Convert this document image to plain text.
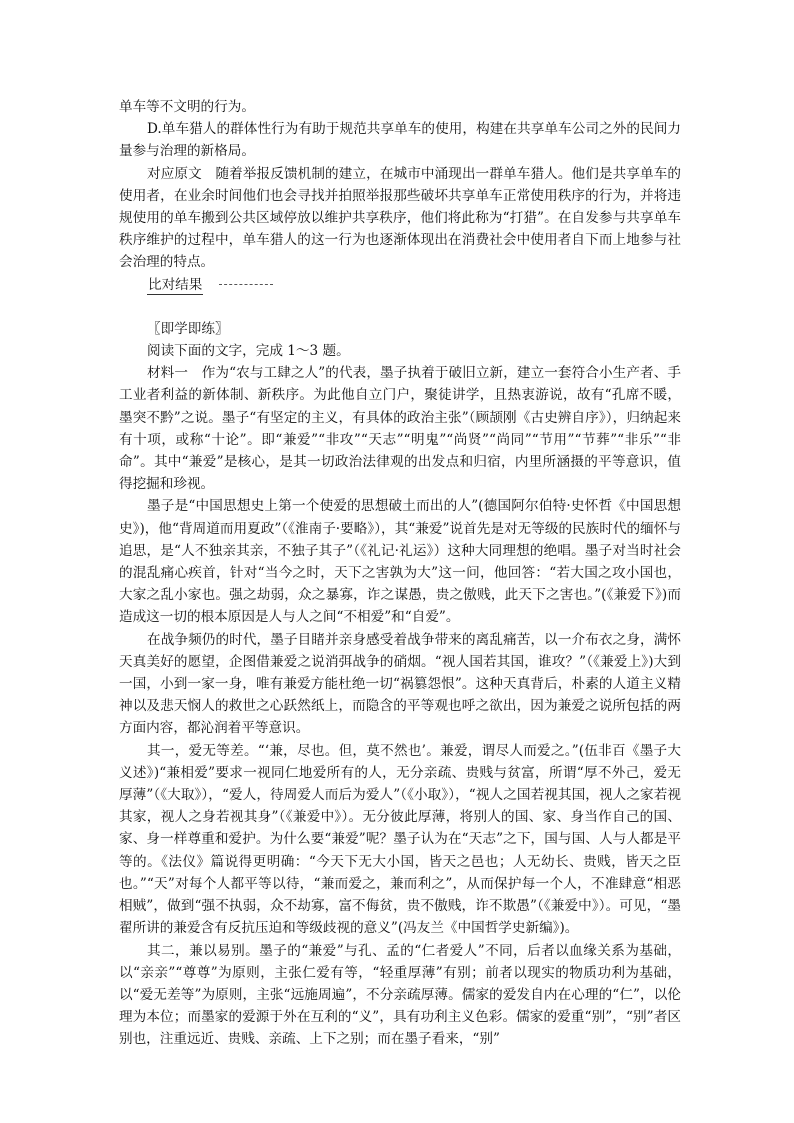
单车等不文明的行为。

D.单车猎人的群体性行为有助于规范共享单车的使用，构建在共享单车公司之外的民间力量参与治理的新格局。

对应原文  随着举报反馈机制的建立，在城市中涌现出一群单车猎人。他们是共享单车的使用者，在业余时间他们也会寻找并拍照举报那些破坏共享单车正常使用秩序的行为，并将违规使用的单车搬到公共区域停放以维护共享秩序，他们将此称为“打猎”。在自发参与共享单车秩序维护的过程中，单车猎人的这一行为也逐渐体现出在消费社会中使用者自下而上地参与社会治理的特点。

比对结果

〖即学即练〗

阅读下面的文字，完成 1～3 题。

材料一  作为“农与工肆之人”的代表，墨子执着于破旧立新，建立一套符合小生产者、手工业者利益的新体制、新秩序。为此他自立门户，聚徒讲学，且热衷游说，故有“孔席不暖，墨突不黔”之说。墨子“有坚定的主义，有具体的政治主张”（顾颉刚《古史辨自序》），归纳起来有十项，或称“十论”。即“兼爱”“非攻”“天志”“明鬼”“尚贤”“尚同”“节用”“节葬”“非乐”“非命”。其中“兼爱”是核心，是其一切政治法律观的出发点和归宿，内里所涵摄的平等意识，值得挖掘和珍视。

墨子是“中国思想史上第一个使爱的思想破土而出的人”(德国阿尔伯特·史怀哲《中国思想史》)，他“背周道而用夏政”（《淮南子·要略》），其“兼爱”说首先是对无等级的民族时代的缅怀与追思，是“人不独亲其亲，不独子其子”（《礼记·礼运》）这种大同理想的绝唱。墨子对当时社会的混乱痛心疾首，针对“当今之时，天下之害孰为大”这一问，他回答：“若大国之攻小国也，大家之乱小家也。强之劫弱，众之暴寡，诈之谋愚，贵之傲贱，此天下之害也。”(《兼爱下》)而造成这一切的根本原因是人与人之间“不相爱”和“自爱”。

在战争频仍的时代，墨子目睹并亲身感受着战争带来的离乱痛苦，以一介布衣之身，满怀天真美好的愿望，企图借兼爱之说消弭战争的硝烟。“视人国若其国，谁攻？”（《兼爱上》)大到一国，小到一家一身，唯有兼爱方能杜绝一切“祸篡怨恨”。这种天真背后，朴素的人道主义精神以及悲天悯人的救世之心跃然纸上，而隐含的平等观也呼之欲出，因为兼爱之说所包括的两方面内容，都沁润着平等意识。

其一，爱无等差。“‘兼，尽也。但，莫不然也’。兼爱，谓尽人而爱之。”(伍非百《墨子大义述》)“兼相爱”要求一视同仁地爱所有的人，无分亲疏、贵贱与贫富，所谓“厚不外己，爱无厚薄”（《大取》），“爱人，待周爱人而后为爱人”（《小取》），“视人之国若视其国，视人之家若视其家，视人之身若视其身”（《兼爱中》）。无分彼此厚薄，将别人的国、家、身当作自己的国、家、身一样尊重和爱护。为什么要“兼爱”呢？墨子认为在“天志”之下，国与国、人与人都是平等的。《法仪》篇说得更明确：“今天下无大小国，皆天之邑也；人无幼长、贵贱，皆天之臣也。”“天”对每个人都平等以待，“兼而爱之，兼而利之”，从而保护每一个人，不准肆意“相恶相贼”，做到“强不执弱，众不劫寡，富不侮贫，贵不傲贱，诈不欺愚”（《兼爱中》）。可见，“墨翟所讲的兼爱含有反抗压迫和等级歧视的意义”(冯友兰《中国哲学史新编》)。

其二，兼以易别。墨子的“兼爱”与孔、孟的“仁者爱人”不同，后者以血缘关系为基础，以“亲亲”“尊尊”为原则，主张仁爱有等，“轻重厚薄”有别；前者以现实的物质功利为基础，以“爱无差等”为原则，主张“远施周遍”，不分亲疏厚薄。儒家的爱发自内在心理的“仁”，以伦理为本位；而墨家的爱源于外在互利的“义”，具有功利主义色彩。儒家的爱重“别”，“别”者区别也，注重远近、贵贱、亲疏、上下之别；而在墨子看来，“别”
